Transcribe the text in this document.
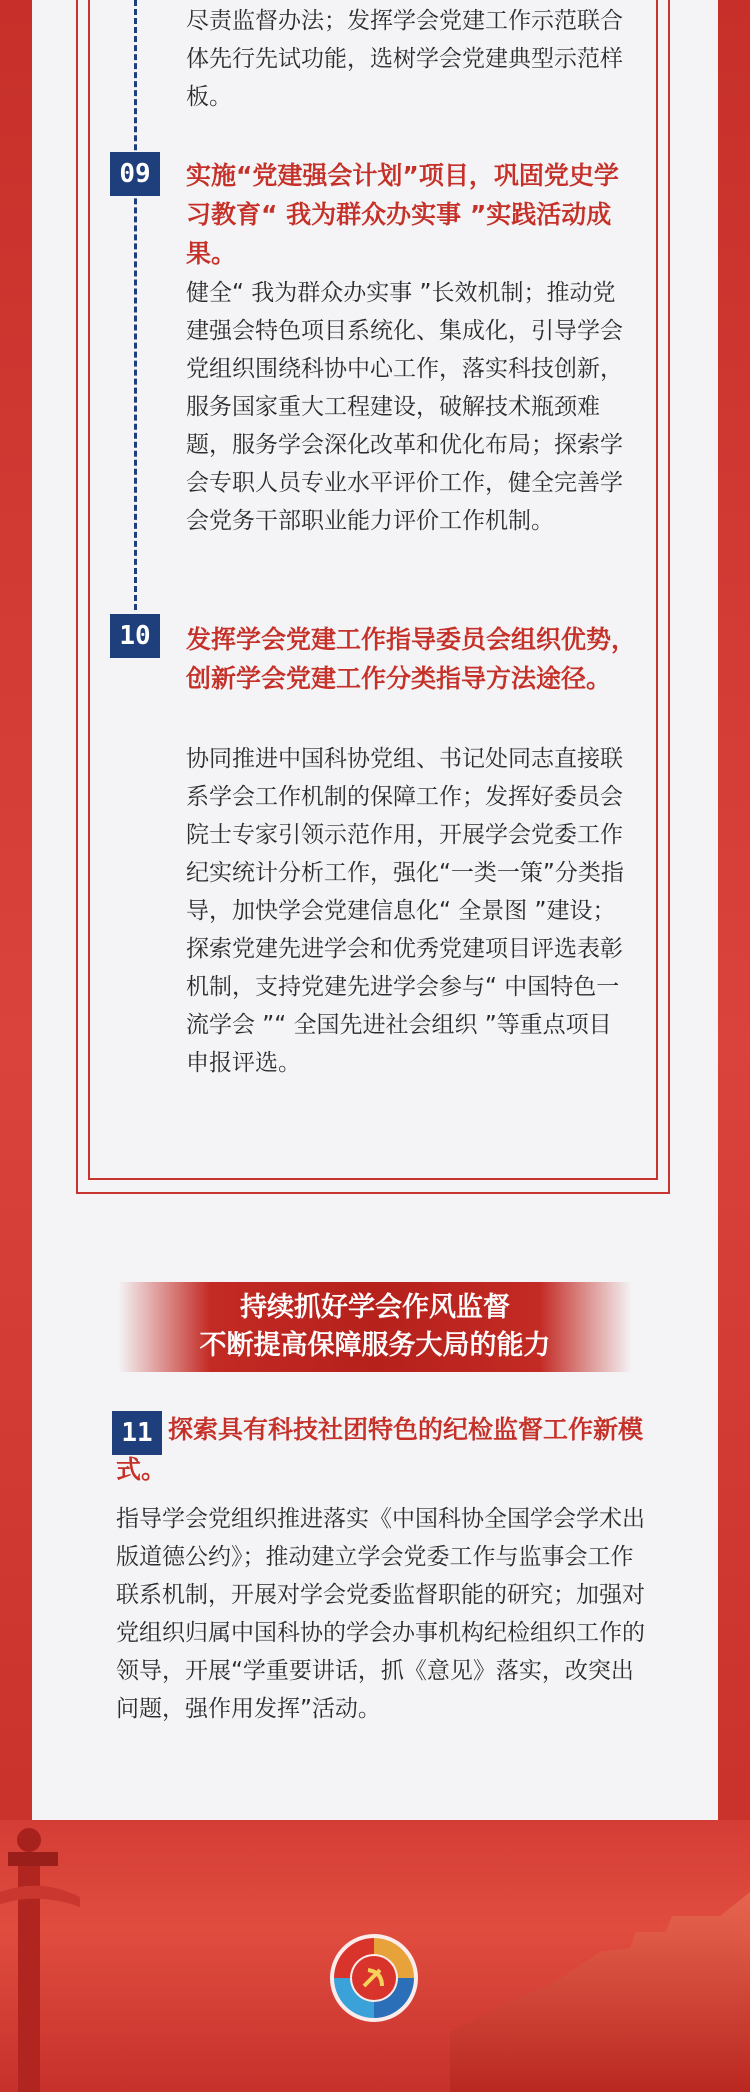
尽责监督办法；发挥学会党建工作示范联合体先行先试功能，选树学会党建典型示范样板。

09	实施“党建强会计划”项目，巩固党史学习教育“ 我为群众办实事 ”实践活动成果。

健全“ 我为群众办实事 ”长效机制；推动党建强会特色项目系统化、集成化，引导学会党组织围绕科协中心工作，落实科技创新，服务国家重大工程建设，破解技术瓶颈难题，服务学会深化改革和优化布局；探索学会专职人员专业水平评价工作，健全完善学会党务干部职业能力评价工作机制。

10	发挥学会党建工作指导委员会组织优势，创新学会党建工作分类指导方法途径。

协同推进中国科协党组、书记处同志直接联系学会工作机制的保障工作；发挥好委员会院士专家引领示范作用，开展学会党委工作纪实统计分析工作，强化“一类一策”分类指导，加快学会党建信息化“ 全景图 ”建设；探索党建先进学会和优秀党建项目评选表彰机制，支持党建先进学会参与“ 中国特色一流学会 ”“ 全国先进社会组织 ”等重点项目申报评选。

持续抓好学会作风监督
不断提高保障服务大局的能力
11 探索具有科技社团特色的纪检监督工作新模式。

指导学会党组织推进落实《中国科协全国学会学术出版道德公约》；推动建立学会党委工作与监事会工作联系机制，开展对学会党委监督职能的研究；加强对党组织归属中国科协的学会办事机构纪检组织工作的领导，开展“学重要讲话，抓《意见》落实，改突出问题，强作用发挥”活动。
